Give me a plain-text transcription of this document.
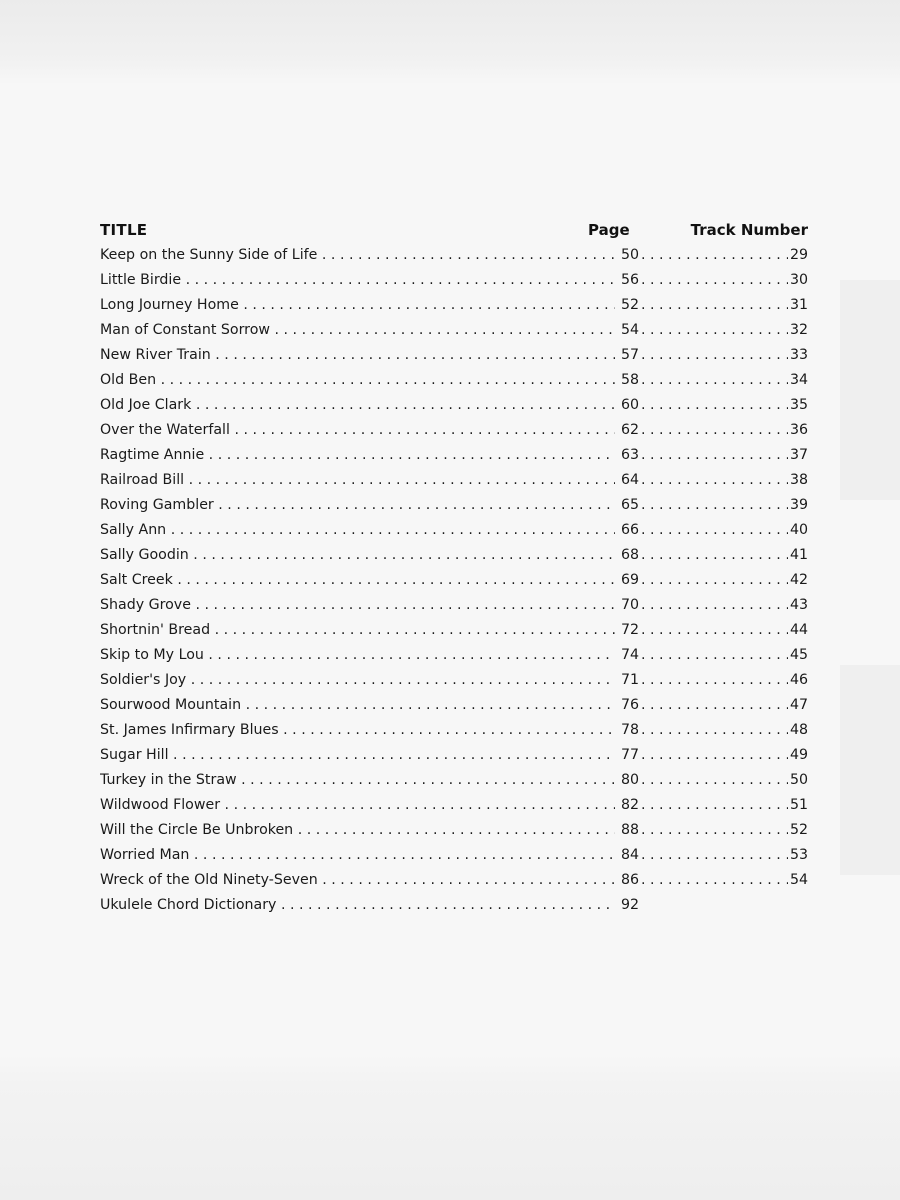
TITLE	Page	Track Number
Keep on the Sunny Side of Life . . .	50 . . .	29
Little Birdie . . .	56 . . .	30
Long Journey Home . . .	52 . . .	31
Man of Constant Sorrow . . .	54 . . .	32
New River Train . . .	57 . . .	33
Old Ben . . .	58 . . .	34
Old Joe Clark . . .	60 . . .	35
Over the Waterfall . . .	62 . . .	36
Ragtime Annie . . .	63 . . .	37
Railroad Bill . . .	64 . . .	38
Roving Gambler . . .	65 . . .	39
Sally Ann . . .	66 . . .	40
Sally Goodin . . .	68 . . .	41
Salt Creek . . .	69 . . .	42
Shady Grove . . .	70 . . .	43
Shortnin' Bread . . .	72 . . .	44
Skip to My Lou . . .	74 . . .	45
Soldier's Joy . . .	71 . . .	46
Sourwood Mountain . . .	76 . . .	47
St. James Infirmary Blues . . .	78 . . .	48
Sugar Hill . . .	77 . . .	49
Turkey in the Straw . . .	80 . . .	50
Wildwood Flower . . .	82 . . .	51
Will the Circle Be Unbroken . . .	88 . . .	52
Worried Man . . .	84 . . .	53
Wreck of the Old Ninety-Seven . . .	86 . . .	54
Ukulele Chord Dictionary . . .	92
